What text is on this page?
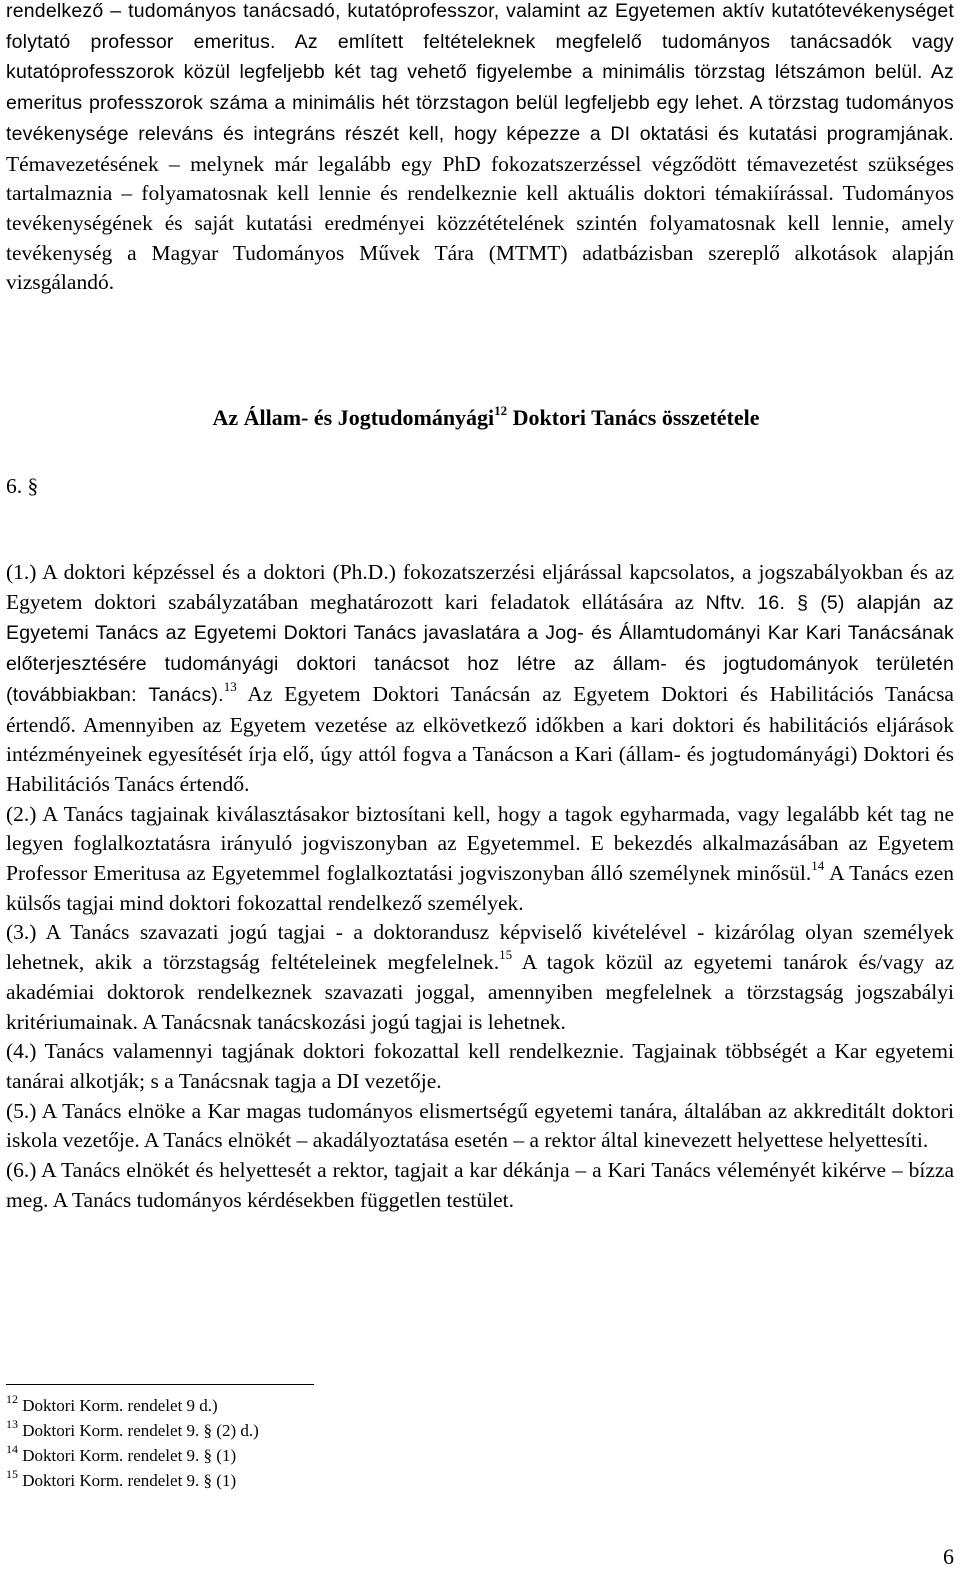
rendelkező – tudományos tanácsadó, kutatóprofesszor, valamint az Egyetemen aktív kutatótevékenységet folytató professor emeritus. Az említett feltételeknek megfelelő tudományos tanácsadók vagy kutatóprofesszorok közül legfeljebb két tag vehető figyelembe a minimális törzstag létszámon belül. Az emeritus professzorok száma a minimális hét törzstagon belül legfeljebb egy lehet. A törzstag tudományos tevékenysége releváns és integráns részét kell, hogy képezze a DI oktatási és kutatási programjának. Témavezetésének – melynek már legalább egy PhD fokozatszerzéssel végződött témavezetést szükséges tartalmaznia – folyamatosnak kell lennie és rendelkeznie kell aktuális doktori témakiírással. Tudományos tevékenységének és saját kutatási eredményei közzétételének szintén folyamatosnak kell lennie, amely tevékenység a Magyar Tudományos Művek Tára (MTMT) adatbázisban szereplő alkotások alapján vizsgálandó.

Az Állam- és Jogtudományági$^{12}$ Doktori Tanács összetétele
6. §

(1.) A doktori képzéssel és a doktori (Ph.D.) fokozatszerzési eljárással kapcsolatos, a jogszabályokban és az Egyetem doktori szabályzatában meghatározott kari feladatok ellátására az Nftv. 16. § (5) alapján az Egyetemi Tanács az Egyetemi Doktori Tanács javaslatára a Jog- és Államtudományi Kar Kari Tanácsának előterjesztésére tudományági doktori tanácsot hoz létre az állam- és jogtudományok területén (továbbiakban: Tanács).$^{13}$ Az Egyetem Doktori Tanácsán az Egyetem Doktori és Habilitációs Tanácsa értendő. Amennyiben az Egyetem vezetése az elkövetkező időkben a kari doktori és habilitációs eljárások intézményeinek egyesítését írja elő, úgy attól fogva a Tanácson a Kari (állam- és jogtudományági) Doktori és Habilitációs Tanács értendő.

(2.) A Tanács tagjainak kiválasztásakor biztosítani kell, hogy a tagok egyharmada, vagy legalább két tag ne legyen foglalkoztatásra irányuló jogviszonyban az Egyetemmel. E bekezdés alkalmazásában az Egyetem Professor Emeritusa az Egyetemmel foglalkoztatási jogviszonyban álló személynek minősül.$^{14}$ A Tanács ezen külsős tagjai mind doktori fokozattal rendelkező személyek.

(3.) A Tanács szavazati jogú tagjai - a doktorandusz képviselő kivételével - kizárólag olyan személyek lehetnek, akik a törzstagság feltételeinek megfelelnek.$^{15}$ A tagok közül az egyetemi tanárok és/vagy az akadémiai doktorok rendelkeznek szavazati joggal, amennyiben megfelelnek a törzstagság jogszabályi kritériumainak. A Tanácsnak tanácskozási jogú tagjai is lehetnek.

(4.) Tanács valamennyi tagjának doktori fokozattal kell rendelkeznie. Tagjainak többségét a Kar egyetemi tanárai alkotják; s a Tanácsnak tagja a DI vezetője.

(5.) A Tanács elnöke a Kar magas tudományos elismertségű egyetemi tanára, általában az akkreditált doktori iskola vezetője. A Tanács elnökét – akadályoztatása esetén – a rektor által kinevezett helyettese helyettesíti.

(6.) A Tanács elnökét és helyettesét a rektor, tagjait a kar dékánja – a Kari Tanács véleményét kikérve – bízza meg. A Tanács tudományos kérdésekben független testület.

$^{12}$ Doktori Korm. rendelet 9 d.)

$^{13}$ Doktori Korm. rendelet 9. § (2) d.)

$^{14}$ Doktori Korm. rendelet 9. § (1)

$^{15}$ Doktori Korm. rendelet 9. § (1)

6
